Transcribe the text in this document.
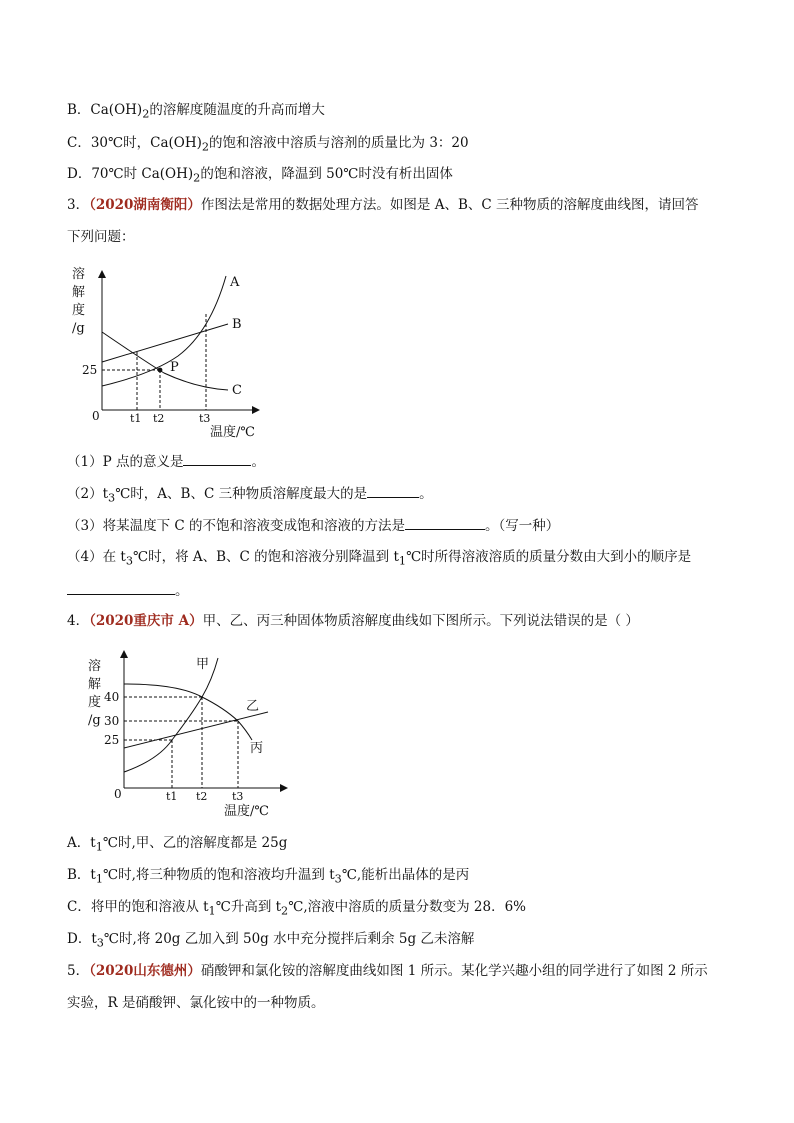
B．$Ca(OH)_2$的溶解度随温度的升高而增大
C．30℃时，$Ca(OH)_2$的饱和溶液中溶质与溶剂的质量比为 3：20
D．70℃时 $Ca(OH)_2$的饱和溶液，降温到 50℃时没有析出固体
3．（2020湖南衡阳）作图法是常用的数据处理方法。如图是 A、B、C 三种物质的溶解度曲线图，请回答
下列问题：
溶
解
度
/g
A
B
C
P
25
0	t1 t2	t3
温度/℃
（1）P 点的意义是	。
$(2)t_3℃$时，A、B、C 三种物质溶解度最大的是	。
（3）将某温度下 C 的不饱和溶液变成饱和溶液的方法是	。（写一种）
（4）在 $t_3℃$时，将 A、B、C 的饱和溶液分别降温到 $t_1℃$时所得溶液溶质的质量分数由大到小的顺序是
。
4．（2020重庆市 A）甲、乙、丙三种固体物质溶解度曲线如下图所示。下列说法错误的是（ ）
溶
解
度
/g
40
30
25
甲
乙
丙
0	t1 t2 t3
温度/℃
A．$t_1℃$时,甲、乙的溶解度都是 25g
B．$t_1℃$时,将三种物质的饱和溶液均升温到 $t_3℃$,能析出晶体的是丙
C．将甲的饱和溶液从 $t_1℃$升高到 $t_2℃$,溶液中溶质的质量分数变为 28．6%
D．$t_3℃$时,将 20g 乙加入到 50g 水中充分搅拌后剩余 5g 乙未溶解
5．（2020山东德州）硝酸钾和氯化铵的溶解度曲线如图 1 所示。某化学兴趣小组的同学进行了如图 2 所示
实验，R 是硝酸钾、氯化铵中的一种物质。
